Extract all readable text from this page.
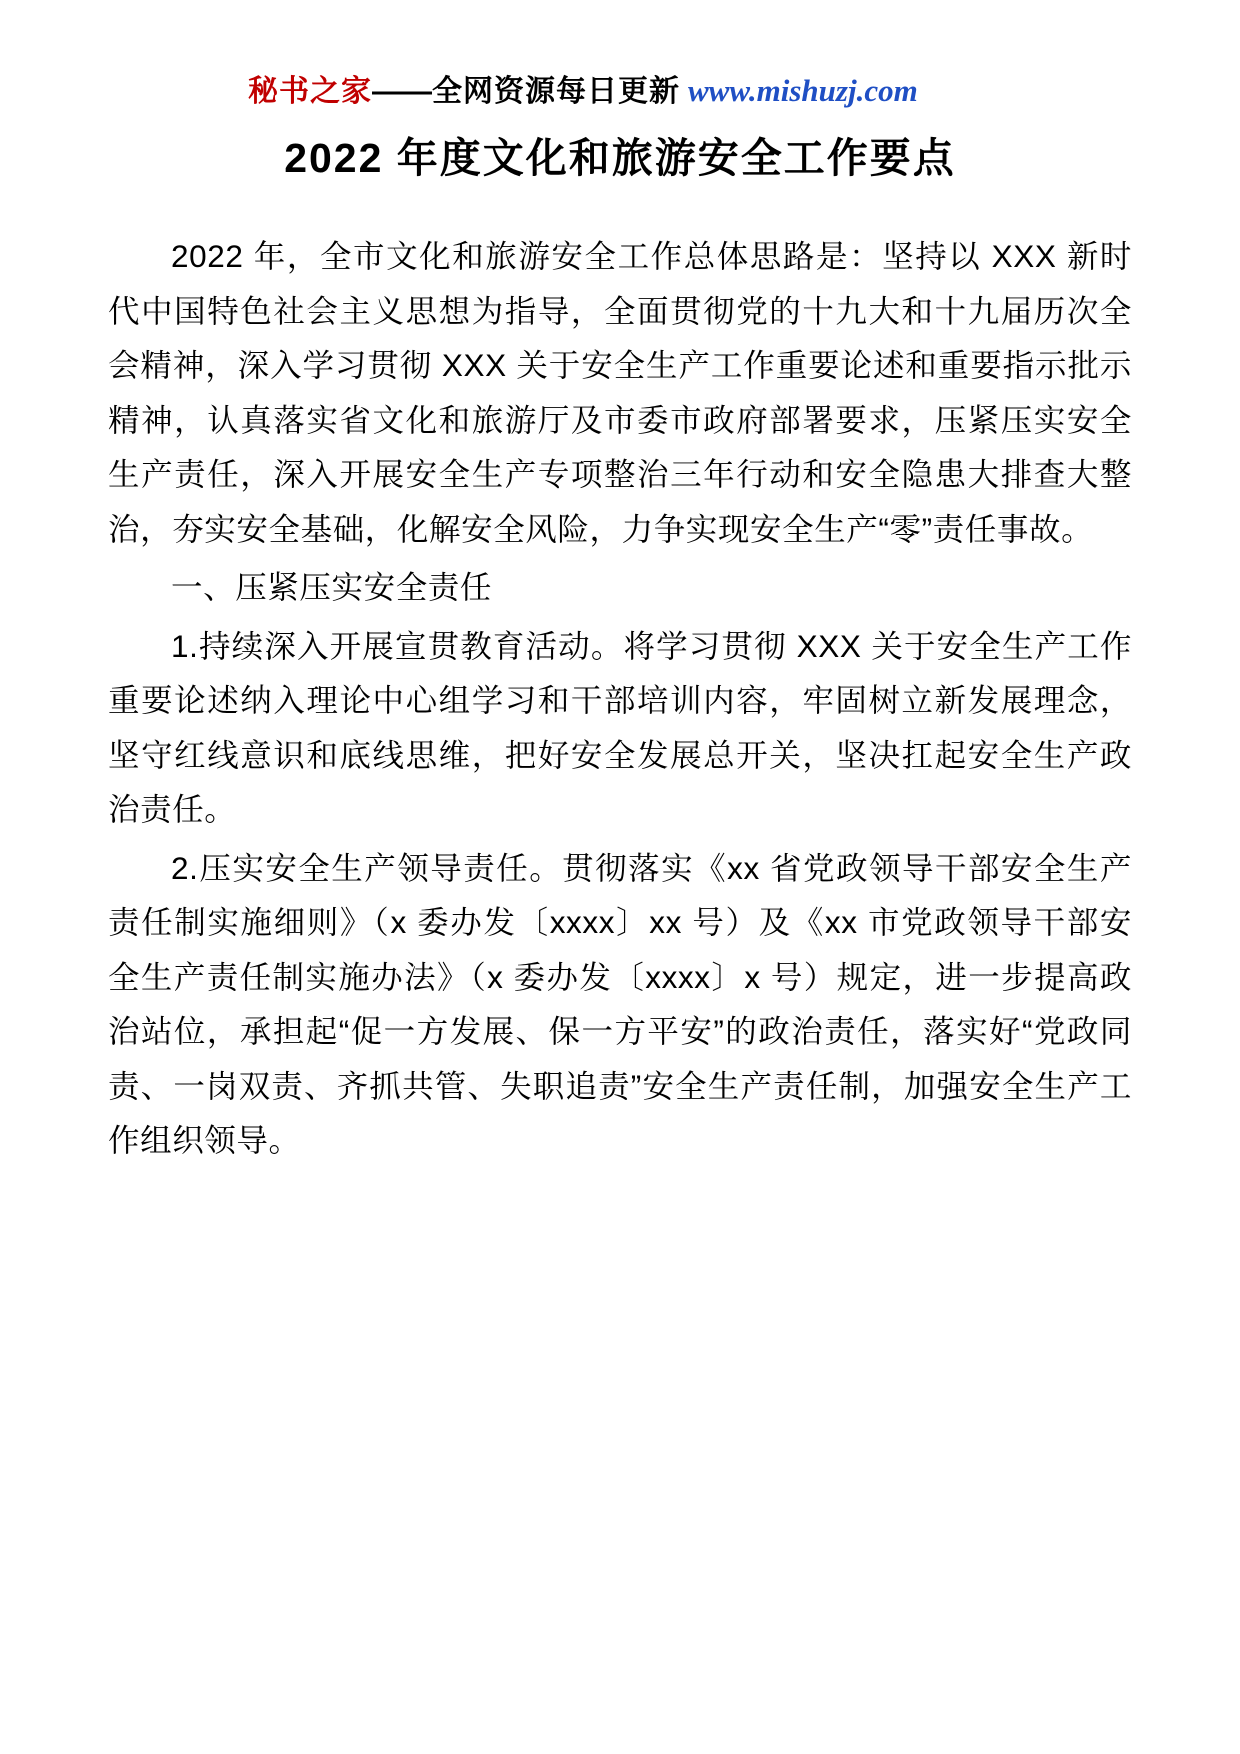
秘书之家——全网资源每日更新 www.mishuzj.com
2022 年度文化和旅游安全工作要点

2022 年，全市文化和旅游安全工作总体思路是：坚持以 XXX 新时代中国特色社会主义思想为指导，全面贯彻党的十九大和十九届历次全会精神，深入学习贯彻 XXX 关于安全生产工作重要论述和重要指示批示精神，认真落实省文化和旅游厅及市委市政府部署要求，压紧压实安全生产责任，深入开展安全生产专项整治三年行动和安全隐患大排查大整治，夯实安全基础，化解安全风险，力争实现安全生产“零”责任事故。

一、压紧压实安全责任

1.持续深入开展宣贯教育活动。将学习贯彻 XXX 关于安全生产工作重要论述纳入理论中心组学习和干部培训内容，牢固树立新发展理念，坚守红线意识和底线思维，把好安全发展总开关，坚决扛起安全生产政治责任。

2.压实安全生产领导责任。贯彻落实《xx 省党政领导干部安全生产责任制实施细则》（x 委办发〔xxxx〕xx 号）及《xx 市党政领导干部安全生产责任制实施办法》（x 委办发〔xxxx〕x 号）规定，进一步提高政治站位，承担起“促一方发展、保一方平安”的政治责任，落实好“党政同责、一岗双责、齐抓共管、失职追责”安全生产责任制，加强安全生产工作组织领导。
